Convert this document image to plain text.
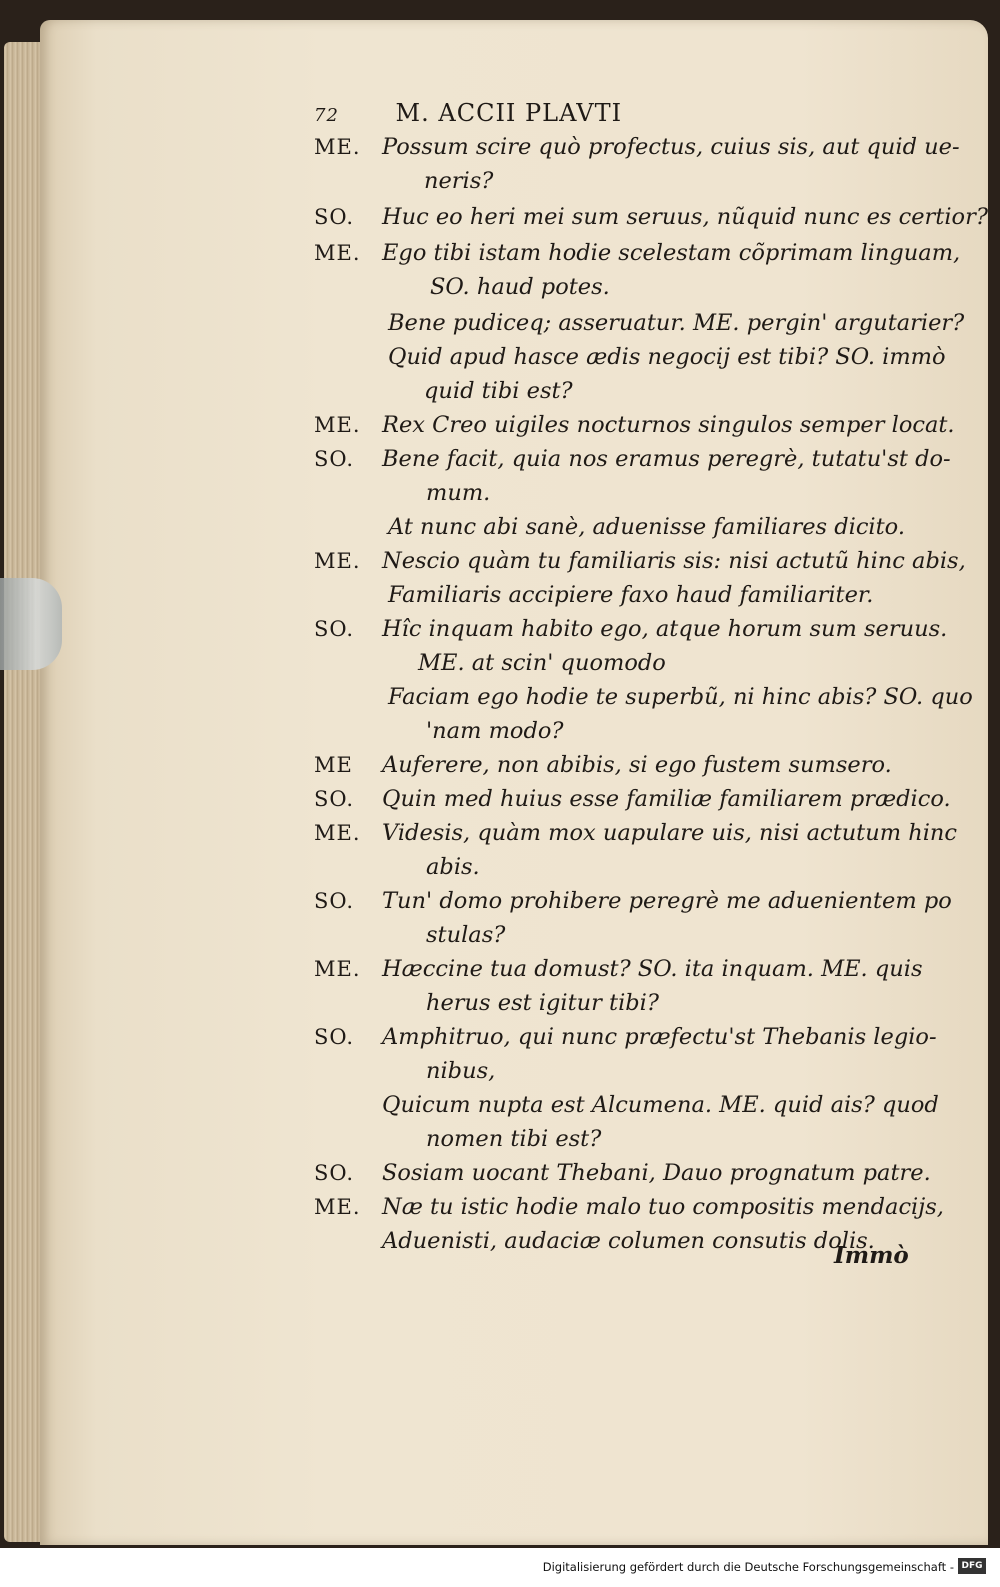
72 M. ACCII PLAVTI
ME. Possum scire quò profectus, cuius sis, aut quid ue-
neris?
SO. Huc eo heri mei sum seruus, nũquid nunc es certior?
ME. Ego tibi istam hodie scelestam cõprimam linguam,
SO. haud potes.
Bene pudiceq; asseruatur. ME. pergin' argutarier?
Quid apud hasce ædis negocij est tibi? SO. immò
quid tibi est?
ME. Rex Creo uigiles nocturnos singulos semper locat.
SO. Bene facit, quia nos eramus peregrè, tutatu'st do-
mum.
At nunc abi sanè, aduenisse familiares dicito.
ME. Nescio quàm tu familiaris sis: nisi actutũ hinc abis,
Familiaris accipiere faxo haud familiariter.
SO. Hîc inquam habito ego, atque horum sum seruus.
ME. at scin' quomodo
Faciam ego hodie te superbũ, ni hinc abis? SO. quo
'nam modo?
ME Auferere, non abibis, si ego fustem sumsero.
SO. Quin med huius esse familiæ familiarem prædico.
ME. Videsis, quàm mox uapulare uis, nisi actutum hinc
abis.
SO. Tun' domo prohibere peregrè me aduenientem po
stulas?
ME. Hæccine tua domust? SO. ita inquam. ME. quis
herus est igitur tibi?
SO. Amphitruo, qui nunc præfectu'st Thebanis legio-
nibus,
Quicum nupta est Alcumena. ME. quid ais? quod
nomen tibi est?
SO. Sosiam uocant Thebani, Dauo prognatum patre.
ME. Næ tu istic hodie malo tuo compositis mendacijs,
Aduenisti, audaciæ columen consutis dolis.
Immò
Digitalisierung gefördert durch die Deutsche Forschungsgemeinschaft - DFG
